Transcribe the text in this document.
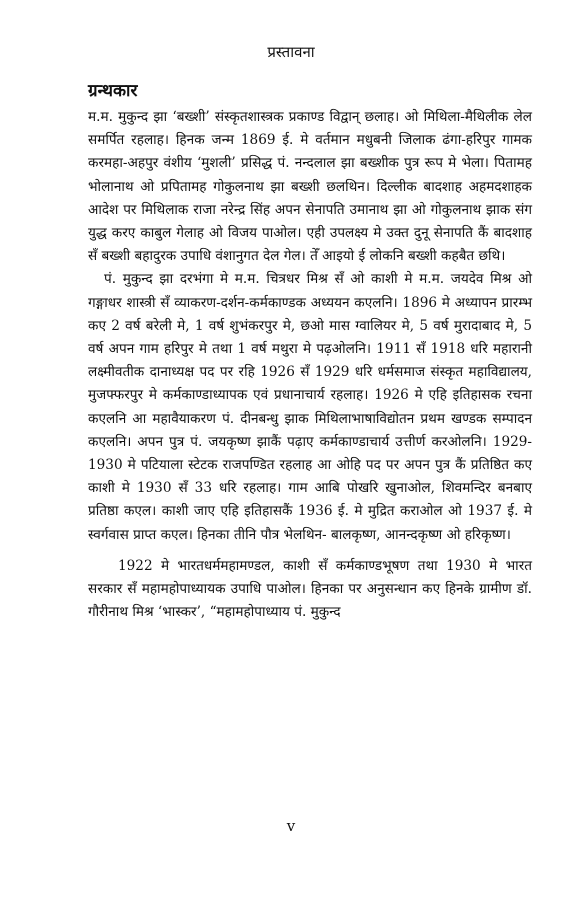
प्रस्तावना
ग्रन्थकार

म.म. मुकुन्द झा ‘बख्शी’ संस्कृतशास्त्रक प्रकाण्ड विद्वान् छलाह। ओ मिथिला-मैथिलीक लेल समर्पित रहलाह। हिनक जन्म 1869 ई. मे वर्तमान मधुबनी जिलाक ढंगा-हरिपुर गामक करमहा-अहपुर वंशीय ‘मुशली’ प्रसिद्ध पं. नन्दलाल झा बख्शीक पुत्र रूप मे भेला। पितामह भोलानाथ ओ प्रपितामह गोकुलनाथ झा बख्शी छलथिन। दिल्लीक बादशाह अहमदशाहक आदेश पर मिथिलाक राजा नरेन्द्र सिंह अपन सेनापति उमानाथ झा ओ गोकुलनाथ झाक संग युद्ध करए काबुल गेलाह ओ विजय पाओल। एही उपलक्ष्य मे उक्त दुनू सेनापति कैं बादशाह सँ बख्शी बहादुरक उपाधि वंशानुगत देल गेल। तेँ आइयो ई लोकनि बख्शी कहबैत छथि।

पं. मुकुन्द झा दरभंगा मे म.म. चित्रधर मिश्र सँ ओ काशी मे म.म. जयदेव मिश्र ओ गङ्गाधर शास्त्री सँ व्याकरण-दर्शन-कर्मकाण्डक अध्ययन कएलनि। 1896 मे अध्यापन प्रारम्भ कए 2 वर्ष बरेली मे, 1 वर्ष शुभंकरपुर मे, छओ मास ग्वालियर मे, 5 वर्ष मुरादाबाद मे, 5 वर्ष अपन गाम हरिपुर मे तथा 1 वर्ष मथुरा मे पढ़ओलनि। 1911 सँ 1918 धरि महारानी लक्ष्मीवतीक दानाध्यक्ष पद पर रहि 1926 सँ 1929 धरि धर्मसमाज संस्कृत महाविद्यालय, मुजफ्फरपुर मे कर्मकाण्डाध्यापक एवं प्रधानाचार्य रहलाह। 1926 मे एहि इतिहासक रचना कएलनि आ महावैयाकरण पं. दीनबन्धु झाक मिथिलाभाषाविद्योतन प्रथम खण्डक सम्पादन कएलनि। अपन पुत्र पं. जयकृष्ण झाकैं पढ़ाए कर्मकाण्डाचार्य उत्तीर्ण करओलनि। 1929-1930 मे पटियाला स्टेटक राजपण्डित रहलाह आ ओहि पद पर अपन पुत्र कैं प्रतिष्ठित कए काशी मे 1930 सँ 33 धरि रहलाह। गाम आबि पोखरि खुनाओल, शिवमन्दिर बनबाए प्रतिष्ठा कएल। काशी जाए एहि इतिहासकैं 1936 ई. मे मुद्रित कराओल ओ 1937 ई. मे स्वर्गवास प्राप्त कएल। हिनका तीनि पौत्र भेलथिन- बालकृष्ण, आनन्दकृष्ण ओ हरिकृष्ण।

1922 मे भारतधर्ममहामण्डल, काशी सँ कर्मकाण्डभूषण तथा 1930 मे भारत सरकार सँ महामहोपाध्यायक उपाधि पाओल। हिनका पर अनुसन्धान कए हिनके ग्रामीण डॉ. गौरीनाथ मिश्र ‘भास्कर’, “महामहोपाध्याय पं. मुकुन्द

v
